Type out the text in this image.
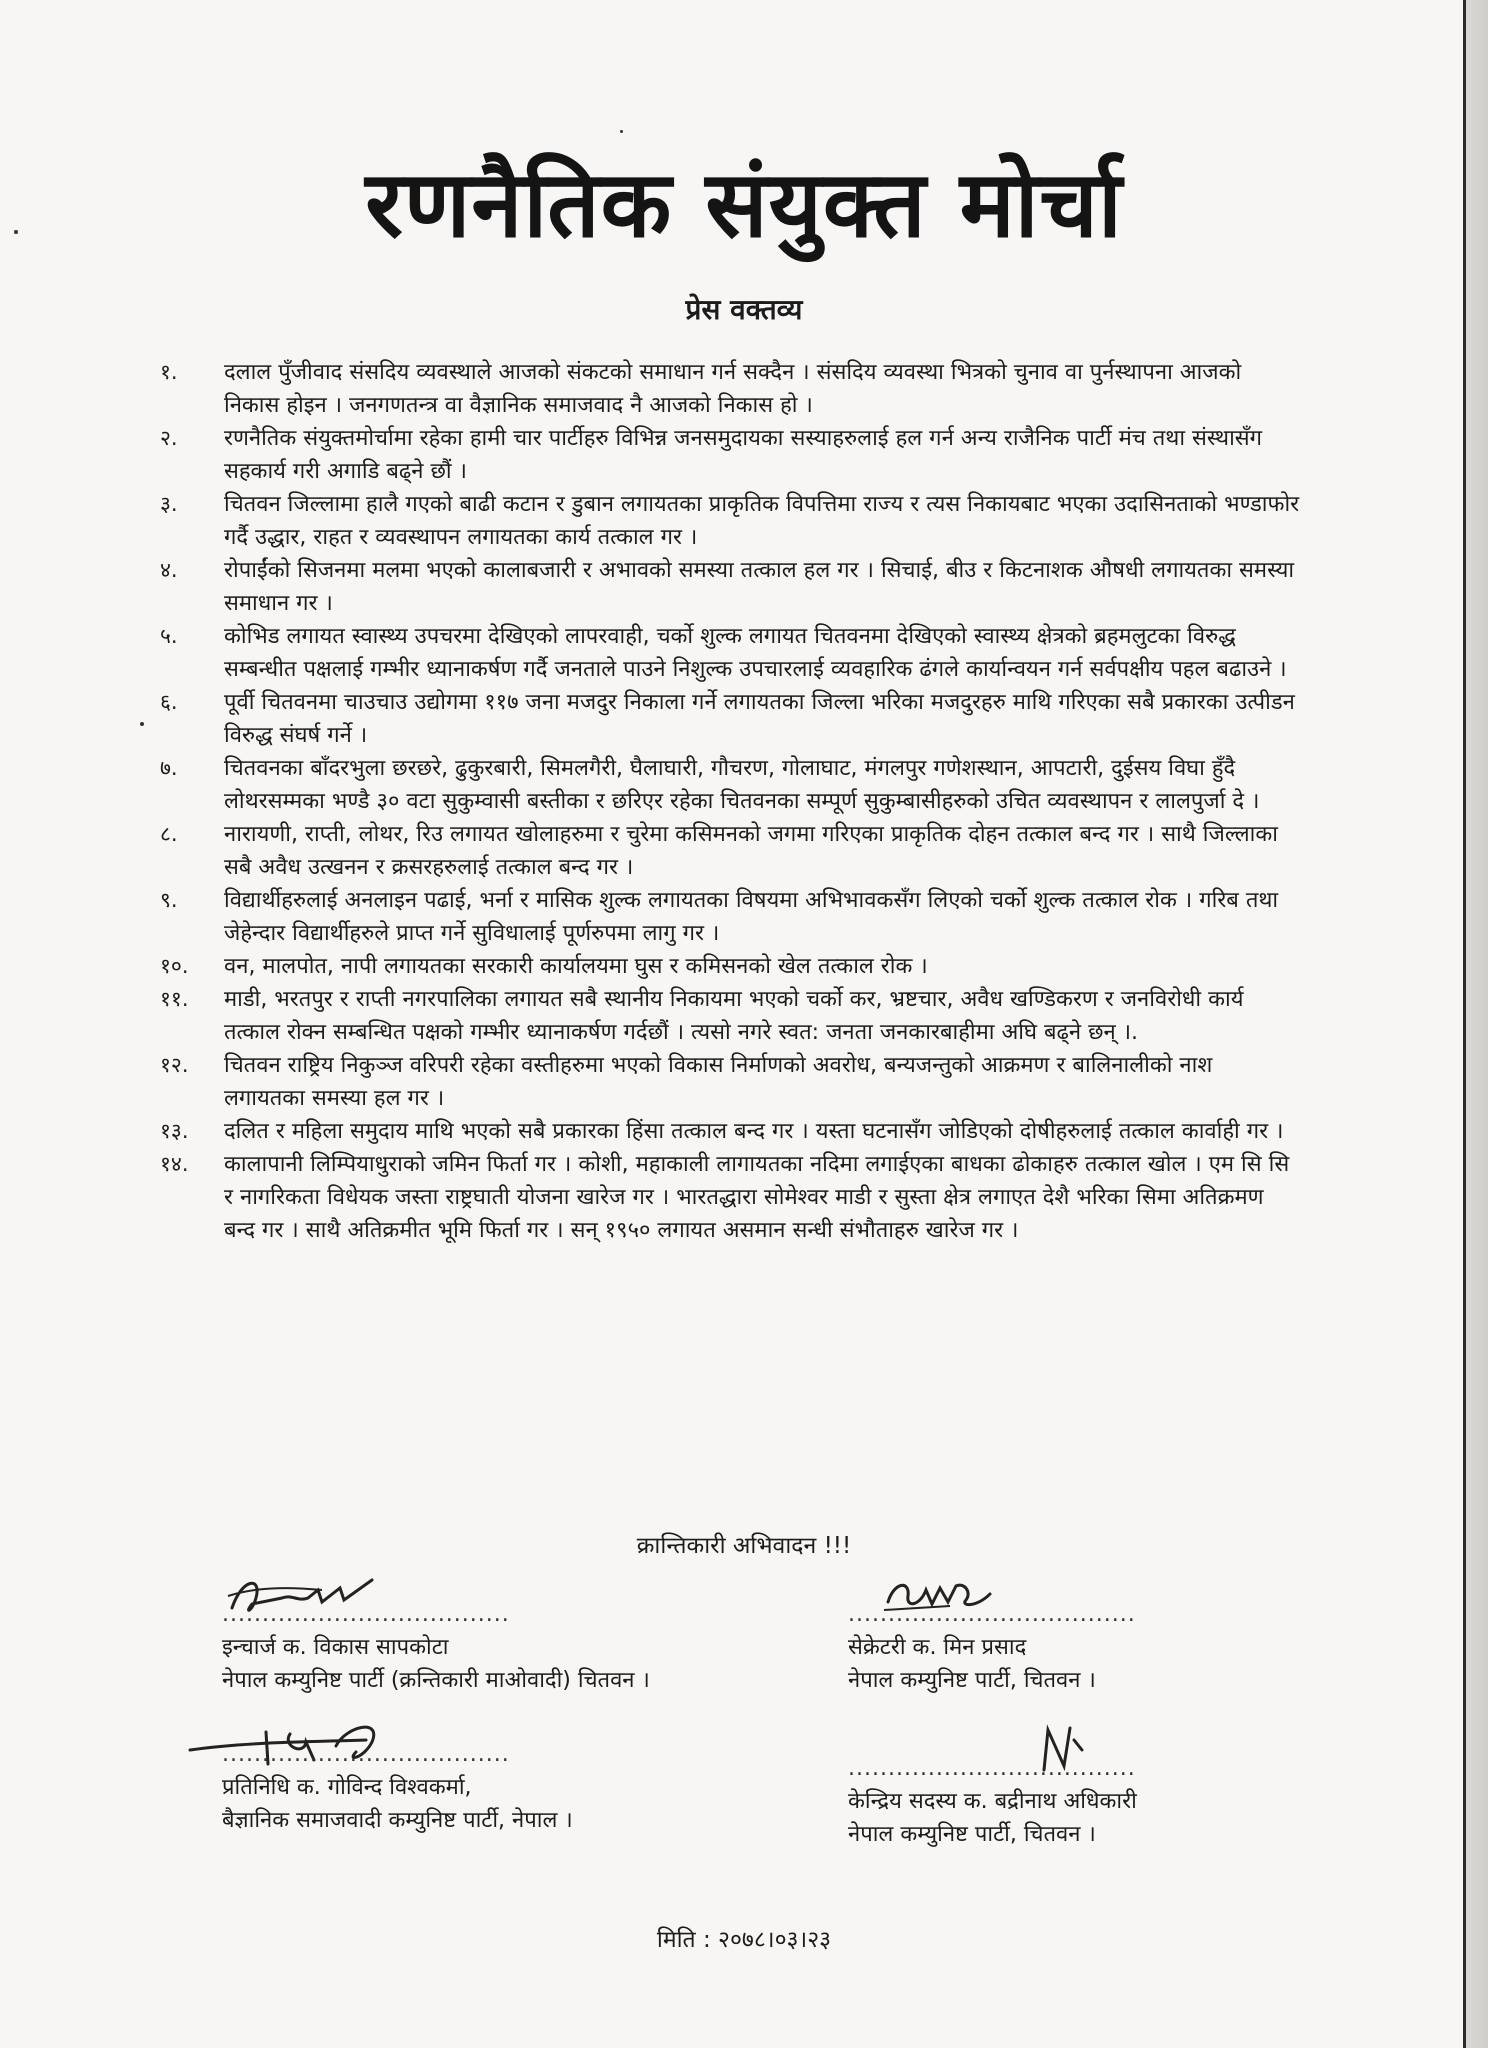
रणनैतिक संयुक्त मोर्चा
प्रेस वक्तव्य
१.	दलाल पुँजीवाद संसदिय व्यवस्थाले आजको संकटको समाधान गर्न सक्दैन । संसदिय व्यवस्था भित्रको चुनाव वा पुर्नस्थापना आजको निकास होइन । जनगणतन्त्र वा वैज्ञानिक समाजवाद नै आजको निकास हो ।
२.	रणनैतिक संयुक्तमोर्चामा रहेका हामी चार पार्टीहरु विभिन्न जनसमुदायका सस्याहरुलाई हल गर्न अन्य राजैनिक पार्टी मंच तथा संस्थासँग सहकार्य गरी अगाडि बढ्ने छौं ।
३.	चितवन जिल्लामा हालै गएको बाढी कटान र डुबान लगायतका प्राकृतिक विपत्तिमा राज्य र त्यस निकायबाट भएका उदासिनताको भण्डाफोर गर्दै उद्धार, राहत र व्यवस्थापन लगायतका कार्य तत्काल गर ।
४.	रोपाईंको सिजनमा मलमा भएको कालाबजारी र अभावको समस्या तत्काल हल गर । सिचाई, बीउ र किटनाशक औषधी लगायतका समस्या समाधान गर ।
५.	कोभिड लगायत स्वास्थ्य उपचरमा देखिएको लापरवाही, चर्को शुल्क लगायत चितवनमा देखिएको स्वास्थ्य क्षेत्रको ब्रहमलुटका विरुद्ध सम्बन्धीत पक्षलाई गम्भीर ध्यानाकर्षण गर्दै जनताले पाउने निशुल्क उपचारलाई व्यवहारिक ढंगले कार्यान्वयन गर्न सर्वपक्षीय पहल बढाउने ।
६.	पूर्वी चितवनमा चाउचाउ उद्योगमा ११७ जना मजदुर निकाला गर्ने लगायतका जिल्ला भरिका मजदुरहरु माथि गरिएका सबै प्रकारका उत्पीडन विरुद्ध संघर्ष गर्ने ।
७.	चितवनका बाँदरभुला छरछरे, ढुकुरबारी, सिमलगैरी, घैलाघारी, गौचरण, गोलाघाट, मंगलपुर गणेशस्थान, आपटारी, दुईसय विघा हुँदै लोथरसम्मका भण्डै ३० वटा सुकुम्वासी बस्तीका र छरिएर रहेका चितवनका सम्पूर्ण सुकुम्बासीहरुको उचित व्यवस्थापन र लालपुर्जा दे ।
८.	नारायणी, राप्ती, लोथर, रिउ लगायत खोलाहरुमा र चुरेमा कसिमनको जगमा गरिएका प्राकृतिक दोहन तत्काल बन्द गर । साथै जिल्लाका सबै अवैध उत्खनन र क्रसरहरुलाई तत्काल बन्द गर ।
९.	विद्यार्थीहरुलाई अनलाइन पढाई, भर्ना र मासिक शुल्क लगायतका विषयमा अभिभावकसँग लिएको चर्को शुल्क तत्काल रोक । गरिब तथा जेहेन्दार विद्यार्थीहरुले प्राप्त गर्ने सुविधालाई पूर्णरुपमा लागु गर ।
१०.	वन, मालपोत, नापी लगायतका सरकारी कार्यालयमा घुस र कमिसनको खेल तत्काल रोक ।
११.	माडी, भरतपुर र राप्ती नगरपालिका लगायत सबै स्थानीय निकायमा भएको चर्को कर, भ्रष्टचार, अवैध खण्डिकरण र जनविरोधी कार्य तत्काल रोक्न सम्बन्धित पक्षको गम्भीर ध्यानाकर्षण गर्दछौं । त्यसो नगरे स्वत: जनता जनकारबाहीमा अघि बढ्ने छन् ।.
१२.	चितवन राष्ट्रिय निकुञ्ज वरिपरी रहेका वस्तीहरुमा भएको विकास निर्माणको अवरोध, बन्यजन्तुको आक्रमण र बालिनालीको नाश लगायतका समस्या हल गर ।
१३.	दलित र महिला समुदाय माथि भएको सबै प्रकारका हिंसा तत्काल बन्द गर । यस्ता घटनासँग जोडिएको दोषीहरुलाई तत्काल कार्वाही गर ।
१४.	कालापानी लिम्पियाधुराको जमिन फिर्ता गर । कोशी, महाकाली लागायतका नदिमा लगाईएका बाधका ढोकाहरु तत्काल खोल । एम सि सि र नागरिकता विधेयक जस्ता राष्ट्रघाती योजना खारेज गर । भारतद्धारा सोमेश्वर माडी र सुस्ता क्षेत्र लगाएत देशै भरिका सिमा अतिक्रमण बन्द गर । साथै अतिक्रमीत भूमि फिर्ता गर । सन् १९५० लगायत असमान सन्धी संभौताहरु खारेज गर ।
क्रान्तिकारी अभिवादन !!!
....................................
इन्चार्ज क. विकास सापकोटा
नेपाल कम्युनिष्ट पार्टी (क्रन्तिकारी माओवादी) चितवन ।
....................................
सेक्रेटरी क. मिन प्रसाद
नेपाल कम्युनिष्ट पार्टी, चितवन ।
....................................
प्रतिनिधि क. गोविन्द विश्वकर्मा,
बैज्ञानिक समाजवादी कम्युनिष्ट पार्टी, नेपाल ।
....................................
केन्द्रिय सदस्य क. बद्रीनाथ अधिकारी
नेपाल कम्युनिष्ट पार्टी, चितवन ।
मिति : २०७८।०३।२३
